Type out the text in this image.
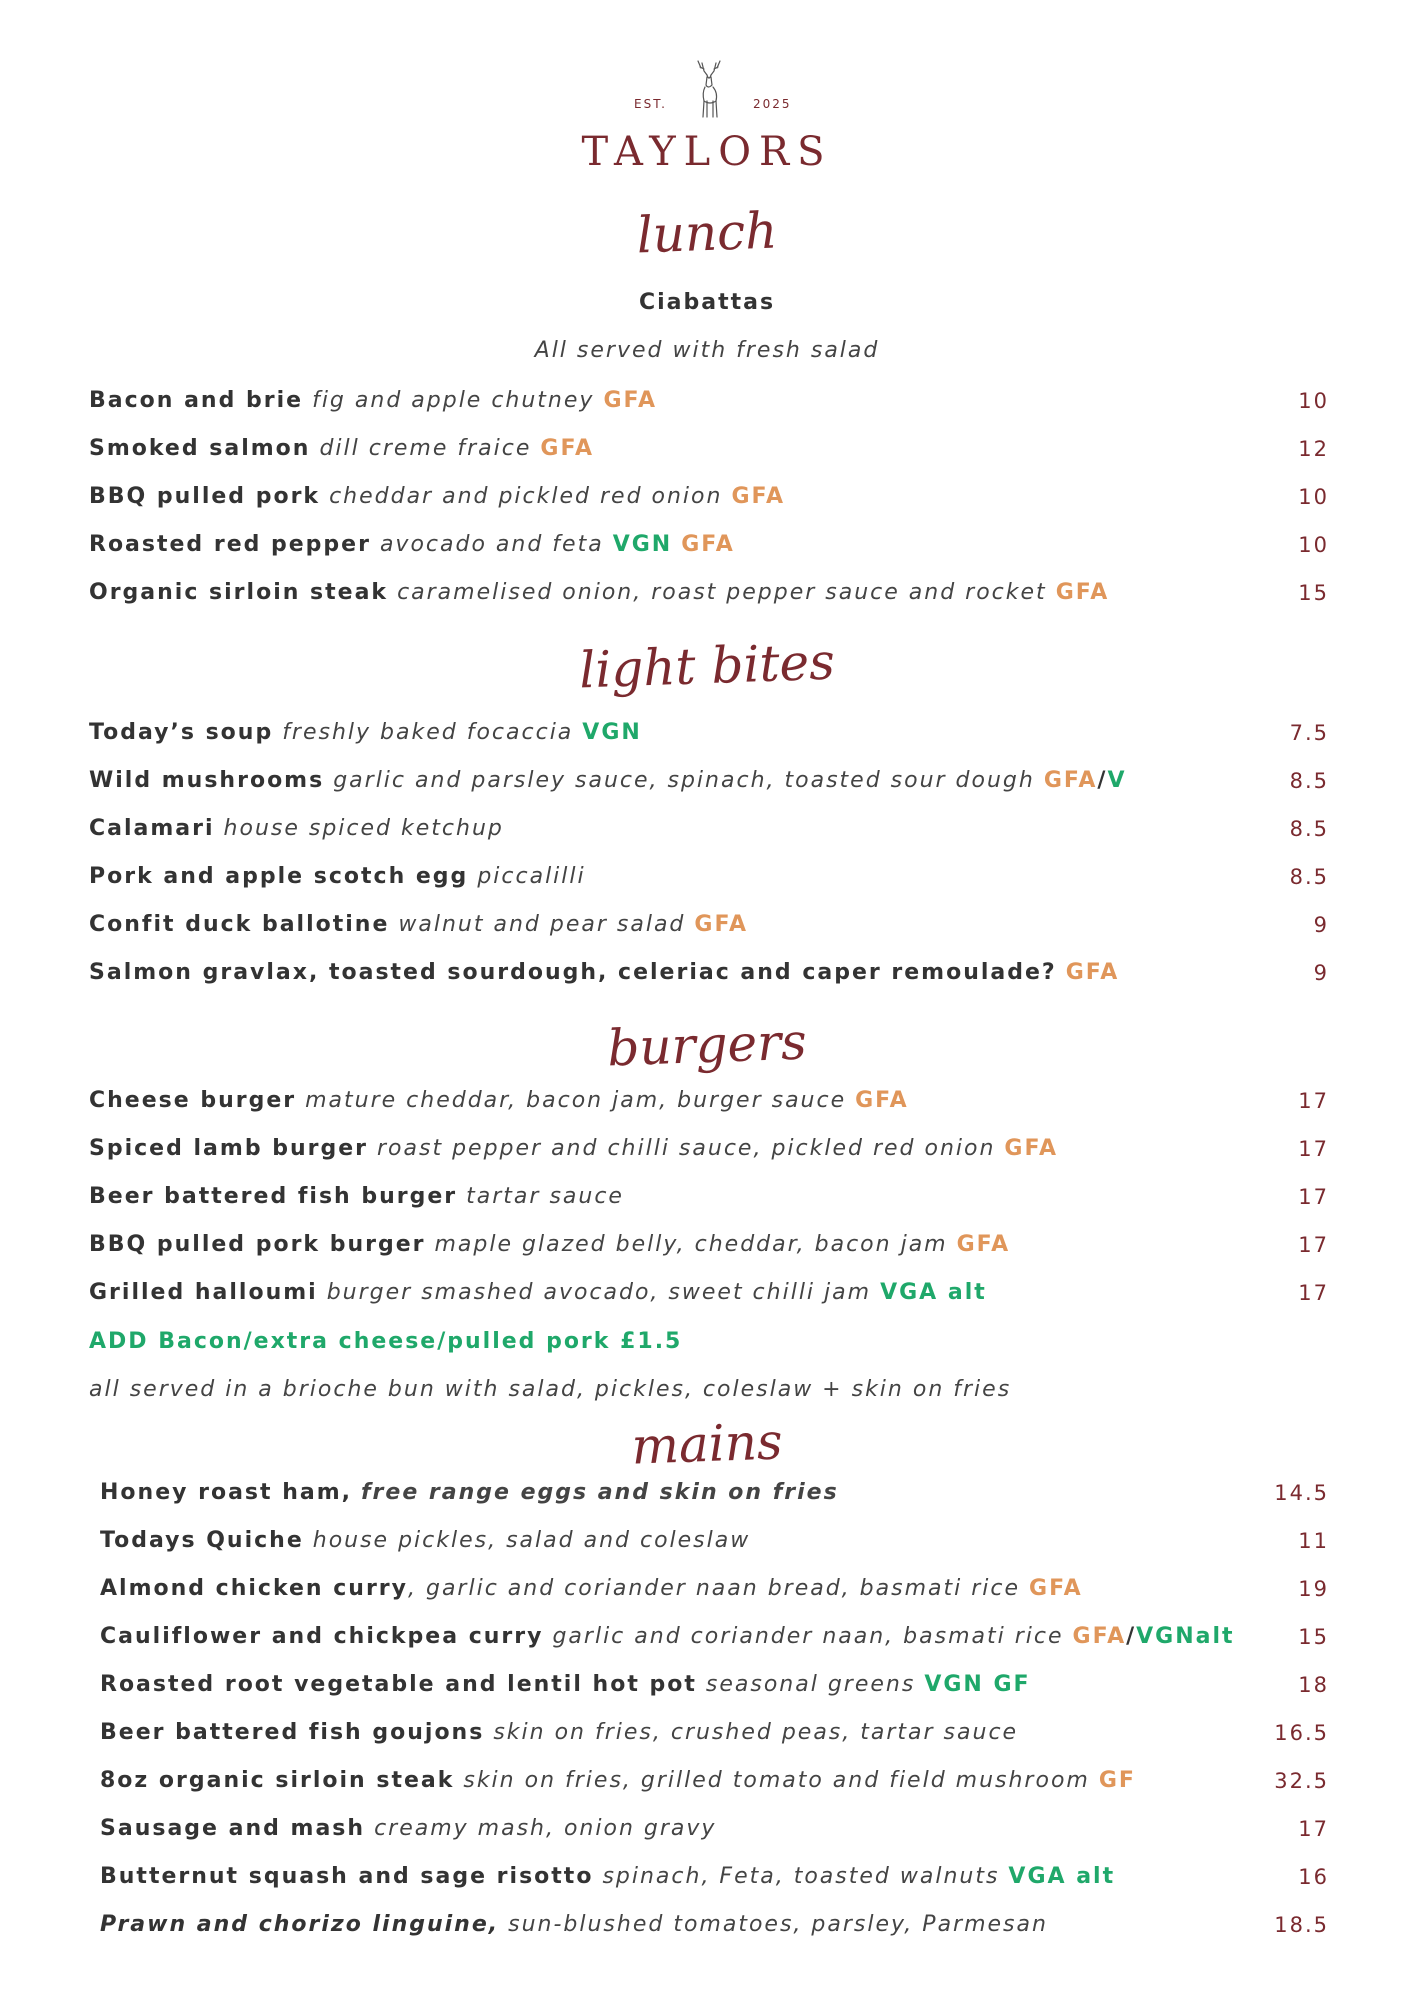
EST.	2025
TAYLORS
lunch
Ciabattas
All served with fresh salad
Bacon and brie fig and apple chutney GFA	10
Smoked salmon dill creme fraice GFA	12
BBQ pulled pork cheddar and pickled red onion GFA	10
Roasted red pepper avocado and feta VGN GFA	10
Organic sirloin steak caramelised onion, roast pepper sauce and rocket GFA	15
light bites
Today’s soup freshly baked focaccia VGN	7.5
Wild mushrooms garlic and parsley sauce, spinach, toasted sour dough GFA/V	8.5
Calamari house spiced ketchup	8.5
Pork and apple scotch egg piccalilli	8.5
Confit duck ballotine walnut and pear salad GFA	9
Salmon gravlax, toasted sourdough, celeriac and caper remoulade? GFA	9
burgers
Cheese burger mature cheddar, bacon jam, burger sauce GFA	17
Spiced lamb burger roast pepper and chilli sauce, pickled red onion GFA	17
Beer battered fish burger tartar sauce	17
BBQ pulled pork burger maple glazed belly, cheddar, bacon jam GFA	17
Grilled halloumi burger smashed avocado, sweet chilli jam VGA alt	17
ADD Bacon/extra cheese/pulled pork £1.5
all served in a brioche bun with salad, pickles, coleslaw + skin on fries
mains
Honey roast ham, free range eggs and skin on fries	14.5
Todays Quiche house pickles, salad and coleslaw	11
Almond chicken curry, garlic and coriander naan bread, basmati rice GFA	19
Cauliflower and chickpea curry garlic and coriander naan, basmati rice GFA/VGNalt	15
Roasted root vegetable and lentil hot pot seasonal greens VGN GF	18
Beer battered fish goujons skin on fries, crushed peas, tartar sauce	16.5
8oz organic sirloin steak skin on fries, grilled tomato and field mushroom GF	32.5
Sausage and mash creamy mash, onion gravy	17
Butternut squash and sage risotto spinach, Feta, toasted walnuts VGA alt	16
Prawn and chorizo linguine, sun-blushed tomatoes, parsley, Parmesan	18.5
